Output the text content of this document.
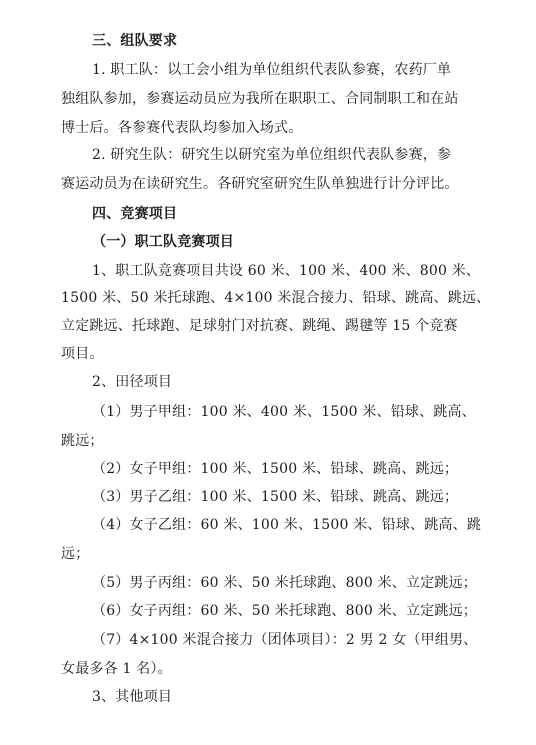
三、组队要求
1. 职工队：以工会小组为单位组织代表队参赛，农药厂单
独组队参加，参赛运动员应为我所在职职工、合同制职工和在站
博士后。各参赛代表队均参加入场式。
2. 研究生队：研究生以研究室为单位组织代表队参赛，参
赛运动员为在读研究生。各研究室研究生队单独进行计分评比。
四、竞赛项目
（一）职工队竞赛项目
1、职工队竞赛项目共设 60 米、100 米、400 米、800 米、
1500 米、50 米托球跑、4×100 米混合接力、铅球、跳高、跳远、
立定跳远、托球跑、足球射门对抗赛、跳绳、踢毽等 15 个竞赛
项目。
2、田径项目
（1）男子甲组：100 米、400 米、1500 米、铅球、跳高、
跳远；
（2）女子甲组：100 米、1500 米、铅球、跳高、跳远；
（3）男子乙组：100 米、1500 米、铅球、跳高、跳远；
（4）女子乙组：60 米、100 米、1500 米、铅球、跳高、跳
远；
（5）男子丙组：60 米、50 米托球跑、800 米、立定跳远；
（6）女子丙组：60 米、50 米托球跑、800 米、立定跳远；
（7）4×100 米混合接力（团体项目）：2 男 2 女（甲组男、
女最多各 1 名）。
3、其他项目
